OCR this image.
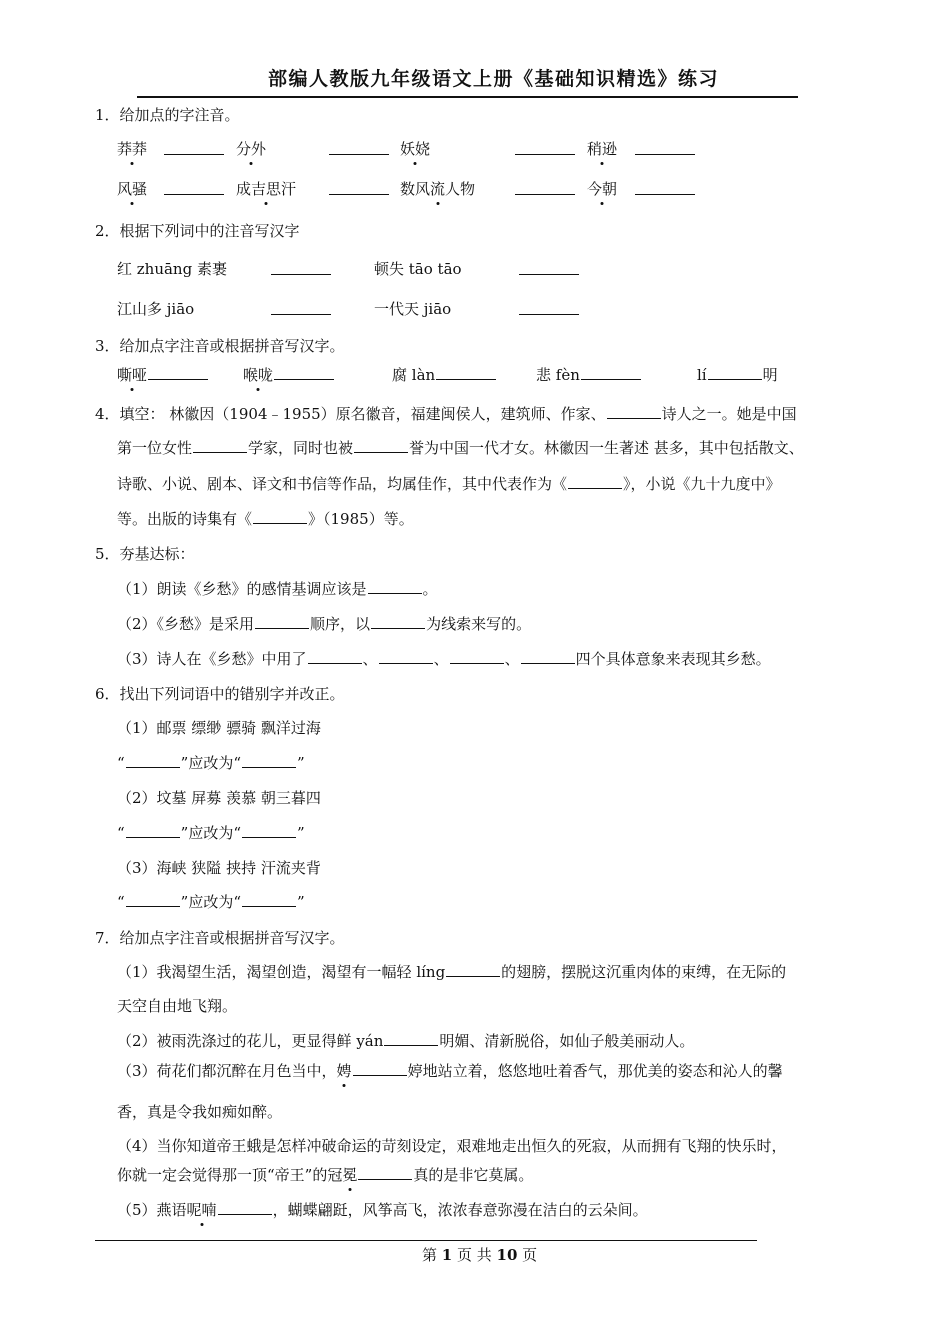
部编人教版九年级语文上册《基础知识精选》练习
1．给加点的字注音。
莽莽	分外	妖娆	稍逊
风骚	成吉思汗	数风流人物	今朝
2．根据下列词中的注音写汉字
红 zhuāng 素裹	顿失 tāo tāo
江山多 jiāo	一代天 jiāo
3．给加点字注音或根据拼音写汉字。
嘶哑	喉咙	腐 làn	悲 fèn	lí	明
4．填空： 林徽因（1904﹣1955）原名徽音，福建闽侯人，建筑师、作家、	诗人之一。她是中国
第一位女性	学家，同时也被	誉为中国一代才女。林徽因一生著述 甚多，其中包括散文、
诗歌、小说、剧本、译文和书信等作品，均属佳作，其中代表作为《	》，小说《九十九度中》
等。出版的诗集有《	》（1985）等。
5．夯基达标：
（1）朗读《乡愁》的感情基调应该是	。
（2）《乡愁》是采用	顺序，以	为线索来写的。
（3）诗人在《乡愁》中用了	、	、	、	四个具体意象来表现其乡愁。
6．找出下列词语中的错别字并改正。
（1）邮票 缥缈 骠骑 飘洋过海
“	”应改为“	”
（2）坟墓 屏募 羡慕 朝三暮四
“	”应改为“	”
（3）海峡 狭隘 挟持 汗流夹背
“	”应改为“	”
7．给加点字注音或根据拼音写汉字。
（1）我渴望生活，渴望创造，渴望有一幅轻 líng	的翅膀，摆脱这沉重肉体的束缚，在无际的
天空自由地飞翔。
（2）被雨洗涤过的花儿，更显得鲜 yán	明媚、清新脱俗，如仙子般美丽动人。
（3）荷花们都沉醉在月色当中，娉	婷地站立着，悠悠地吐着香气，那优美的姿态和沁人的馨
香，真是令我如痴如醉。
（4）当你知道帝王蛾是怎样冲破命运的苛刻设定，艰难地走出恒久的死寂，从而拥有飞翔的快乐时，
你就一定会觉得那一顶“帝王”的冠冕	真的是非它莫属。
（5）燕语呢喃	，蝴蝶翩跹，风筝高飞，浓浓春意弥漫在洁白的云朵间。
第 1 页 共 10 页
